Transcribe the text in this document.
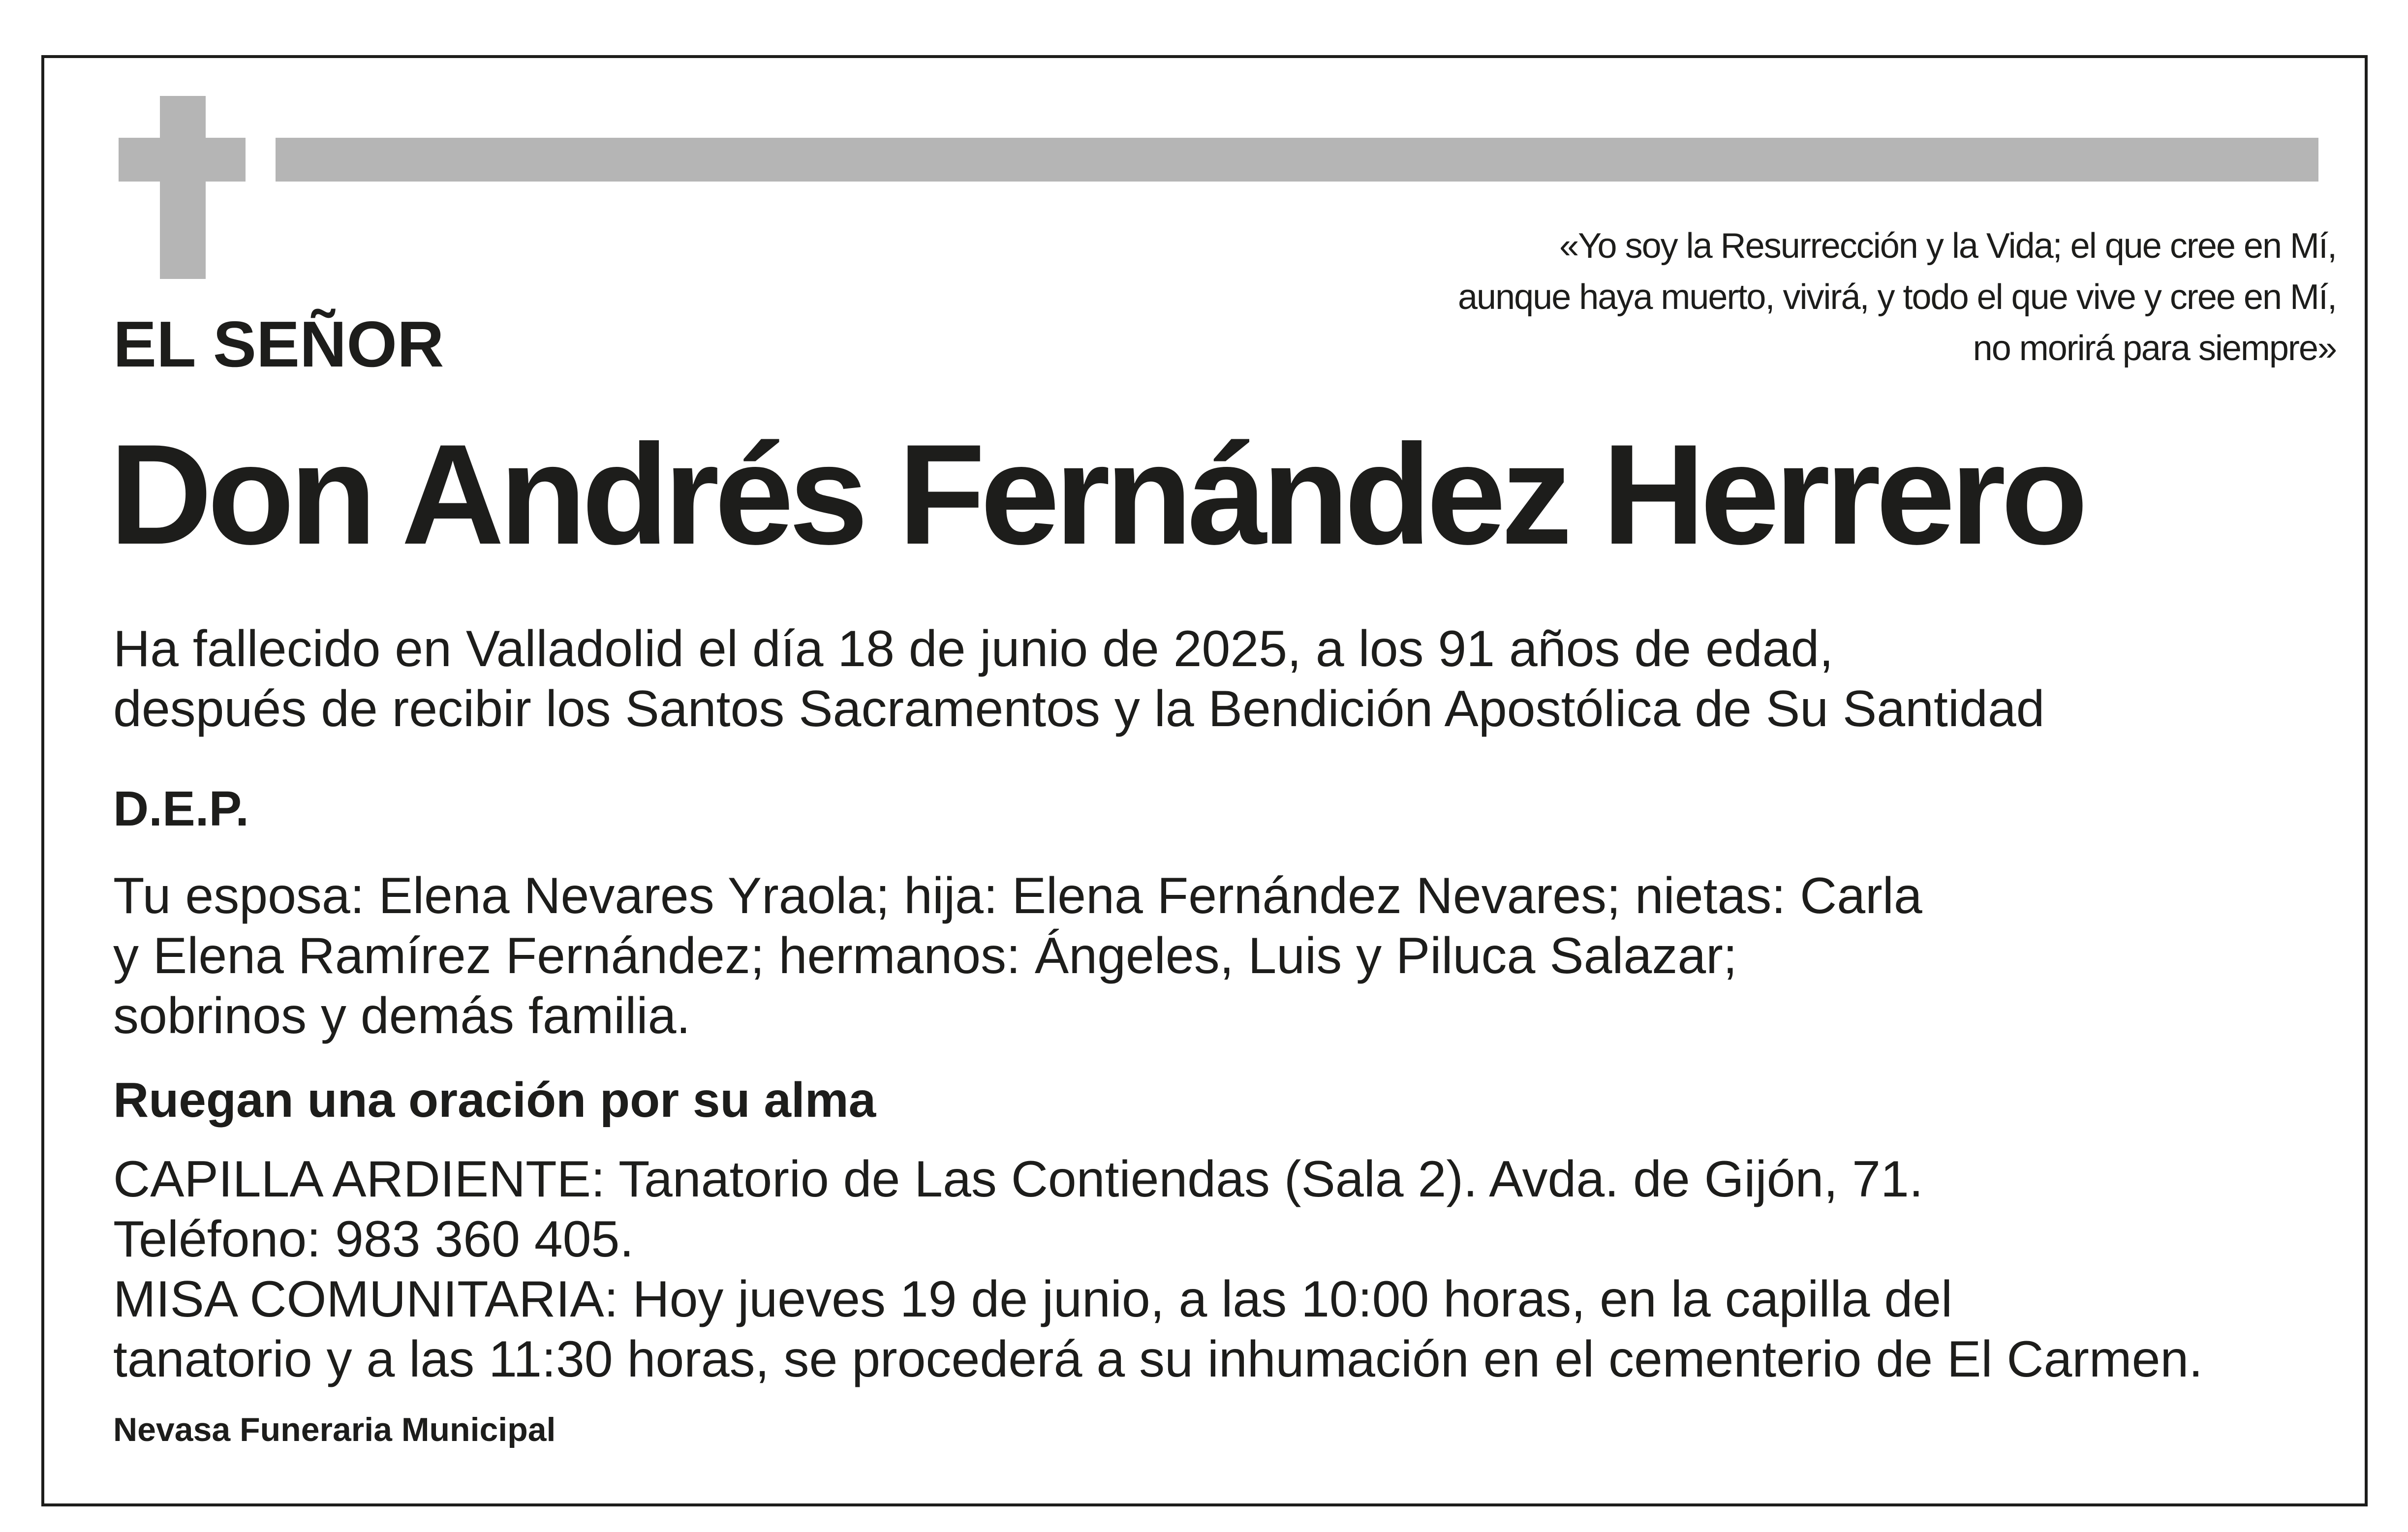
«Yo soy la Resurrección y la Vida; el que cree en Mí,
aunque haya muerto, vivirá, y todo el que vive y cree en Mí,
no morirá para siempre»
EL SEÑOR
Don Andrés Fernández Herrero
Ha fallecido en Valladolid el día 18 de junio de 2025, a los 91 años de edad,
después de recibir los Santos Sacramentos y la Bendición Apostólica de Su Santidad
D.E.P.
Tu esposa: Elena Nevares Yraola; hija: Elena Fernández Nevares; nietas: Carla
y Elena Ramírez Fernández; hermanos: Ángeles, Luis y Piluca Salazar;
sobrinos y demás familia.
Ruegan una oración por su alma
CAPILLA ARDIENTE: Tanatorio de Las Contiendas (Sala 2). Avda. de Gijón, 71.
Teléfono: 983 360 405.
MISA COMUNITARIA: Hoy jueves 19 de junio, a las 10:00 horas, en la capilla del
tanatorio y a las 11:30 horas, se procederá a su inhumación en el cementerio de El Carmen.
Nevasa Funeraria Municipal
